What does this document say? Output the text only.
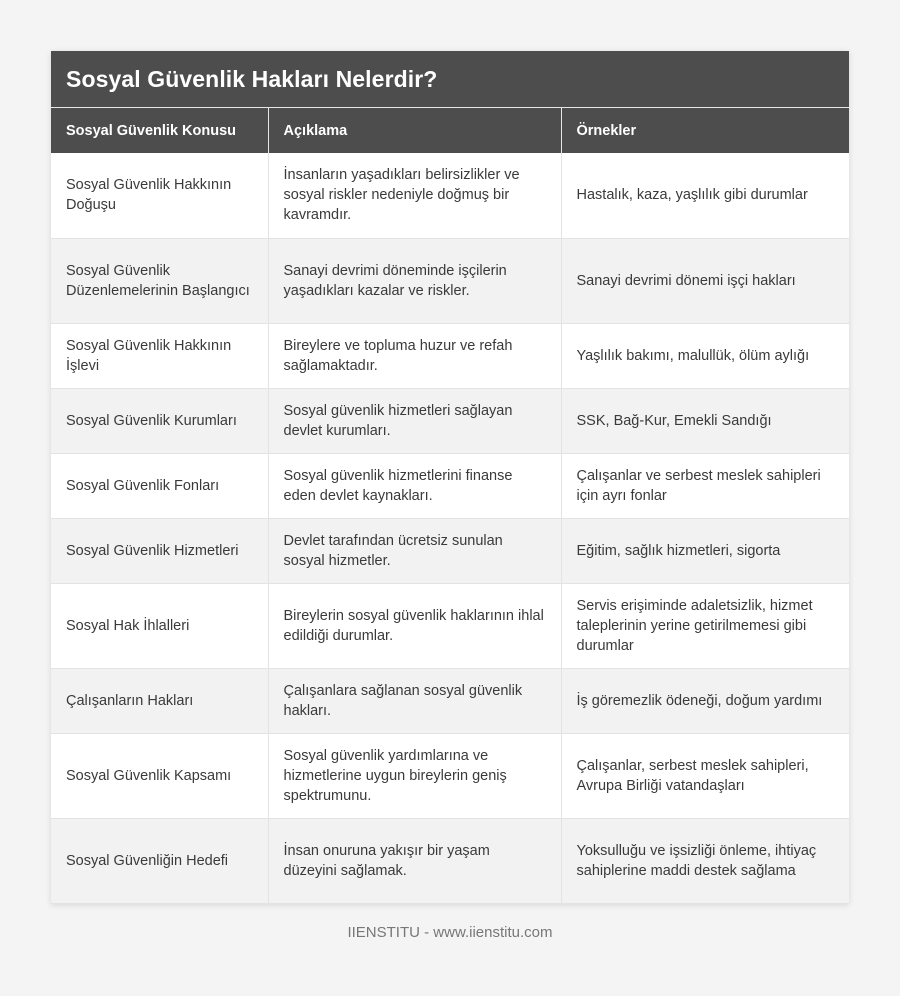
Sosyal Güvenlik Hakları Nelerdir?
Sosyal Güvenlik Konusu	Açıklama	Örnekler
Sosyal Güvenlik Hakkının Doğuşu	İnsanların yaşadıkları belirsizlikler ve sosyal riskler nedeniyle doğmuş bir kavramdır.	Hastalık, kaza, yaşlılık gibi durumlar
Sosyal Güvenlik Düzenlemelerinin Başlangıcı	Sanayi devrimi döneminde işçilerin yaşadıkları kazalar ve riskler.	Sanayi devrimi dönemi işçi hakları
Sosyal Güvenlik Hakkının İşlevi	Bireylere ve topluma huzur ve refah sağlamaktadır.	Yaşlılık bakımı, malullük, ölüm aylığı
Sosyal Güvenlik Kurumları	Sosyal güvenlik hizmetleri sağlayan devlet kurumları.	SSK, Bağ-Kur, Emekli Sandığı
Sosyal Güvenlik Fonları	Sosyal güvenlik hizmetlerini finanse eden devlet kaynakları.	Çalışanlar ve serbest meslek sahipleri için ayrı fonlar
Sosyal Güvenlik Hizmetleri	Devlet tarafından ücretsiz sunulan sosyal hizmetler.	Eğitim, sağlık hizmetleri, sigorta
Sosyal Hak İhlalleri	Bireylerin sosyal güvenlik haklarının ihlal edildiği durumlar.	Servis erişiminde adaletsizlik, hizmet taleplerinin yerine getirilmemesi gibi durumlar
Çalışanların Hakları	Çalışanlara sağlanan sosyal güvenlik hakları.	İş göremezlik ödeneği, doğum yardımı
Sosyal Güvenlik Kapsamı	Sosyal güvenlik yardımlarına ve hizmetlerine uygun bireylerin geniş spektrumunu.	Çalışanlar, serbest meslek sahipleri, Avrupa Birliği vatandaşları
Sosyal Güvenliğin Hedefi	İnsan onuruna yakışır bir yaşam düzeyini sağlamak.	Yoksulluğu ve işsizliği önleme, ihtiyaç sahiplerine maddi destek sağlama
IIENSTITU - www.iienstitu.com
